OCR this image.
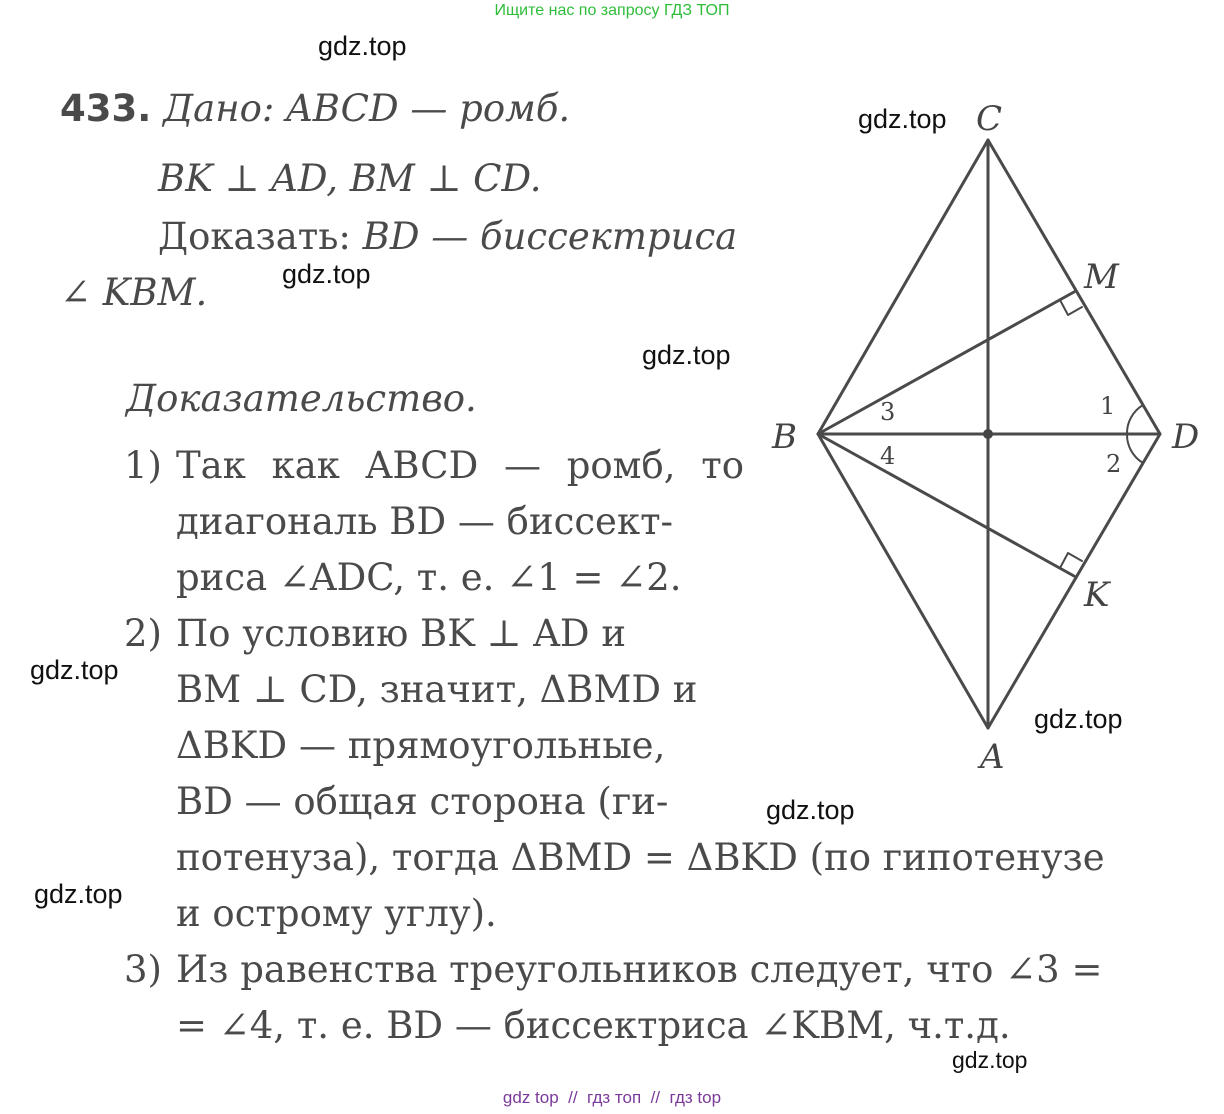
Ищите нас по запросу ГДЗ ТОП
gdz.top
gdz.top
gdz.top
gdz.top
gdz.top
gdz.top
gdz.top
gdz.top
gdz.top
433. Дано: ABCD — ромб.
BK ⊥ AD, BM ⊥ CD.
Доказать: BD — биссектриса
∠ KBM.
Доказательство.
1) Так как ABCD — ромб, то
диагональ BD — биссект-
риса ∠ADC, т. е. ∠1 = ∠2.
2) По условию BK ⊥ AD и
BM ⊥ CD, значит, ΔBMD и
ΔBKD — прямоугольные,
BD — общая сторона (ги-
потенуза), тогда ΔBMD = ΔBKD (по гипотенузе
и острому углу).
3) Из равенства треугольников следует, что ∠3 =
= ∠4, т. е. BD — биссектриса ∠KBM, ч.т.д.
C
M
B	D
K
A
1
2
3
4
gdz top // гдз топ // гдз top
